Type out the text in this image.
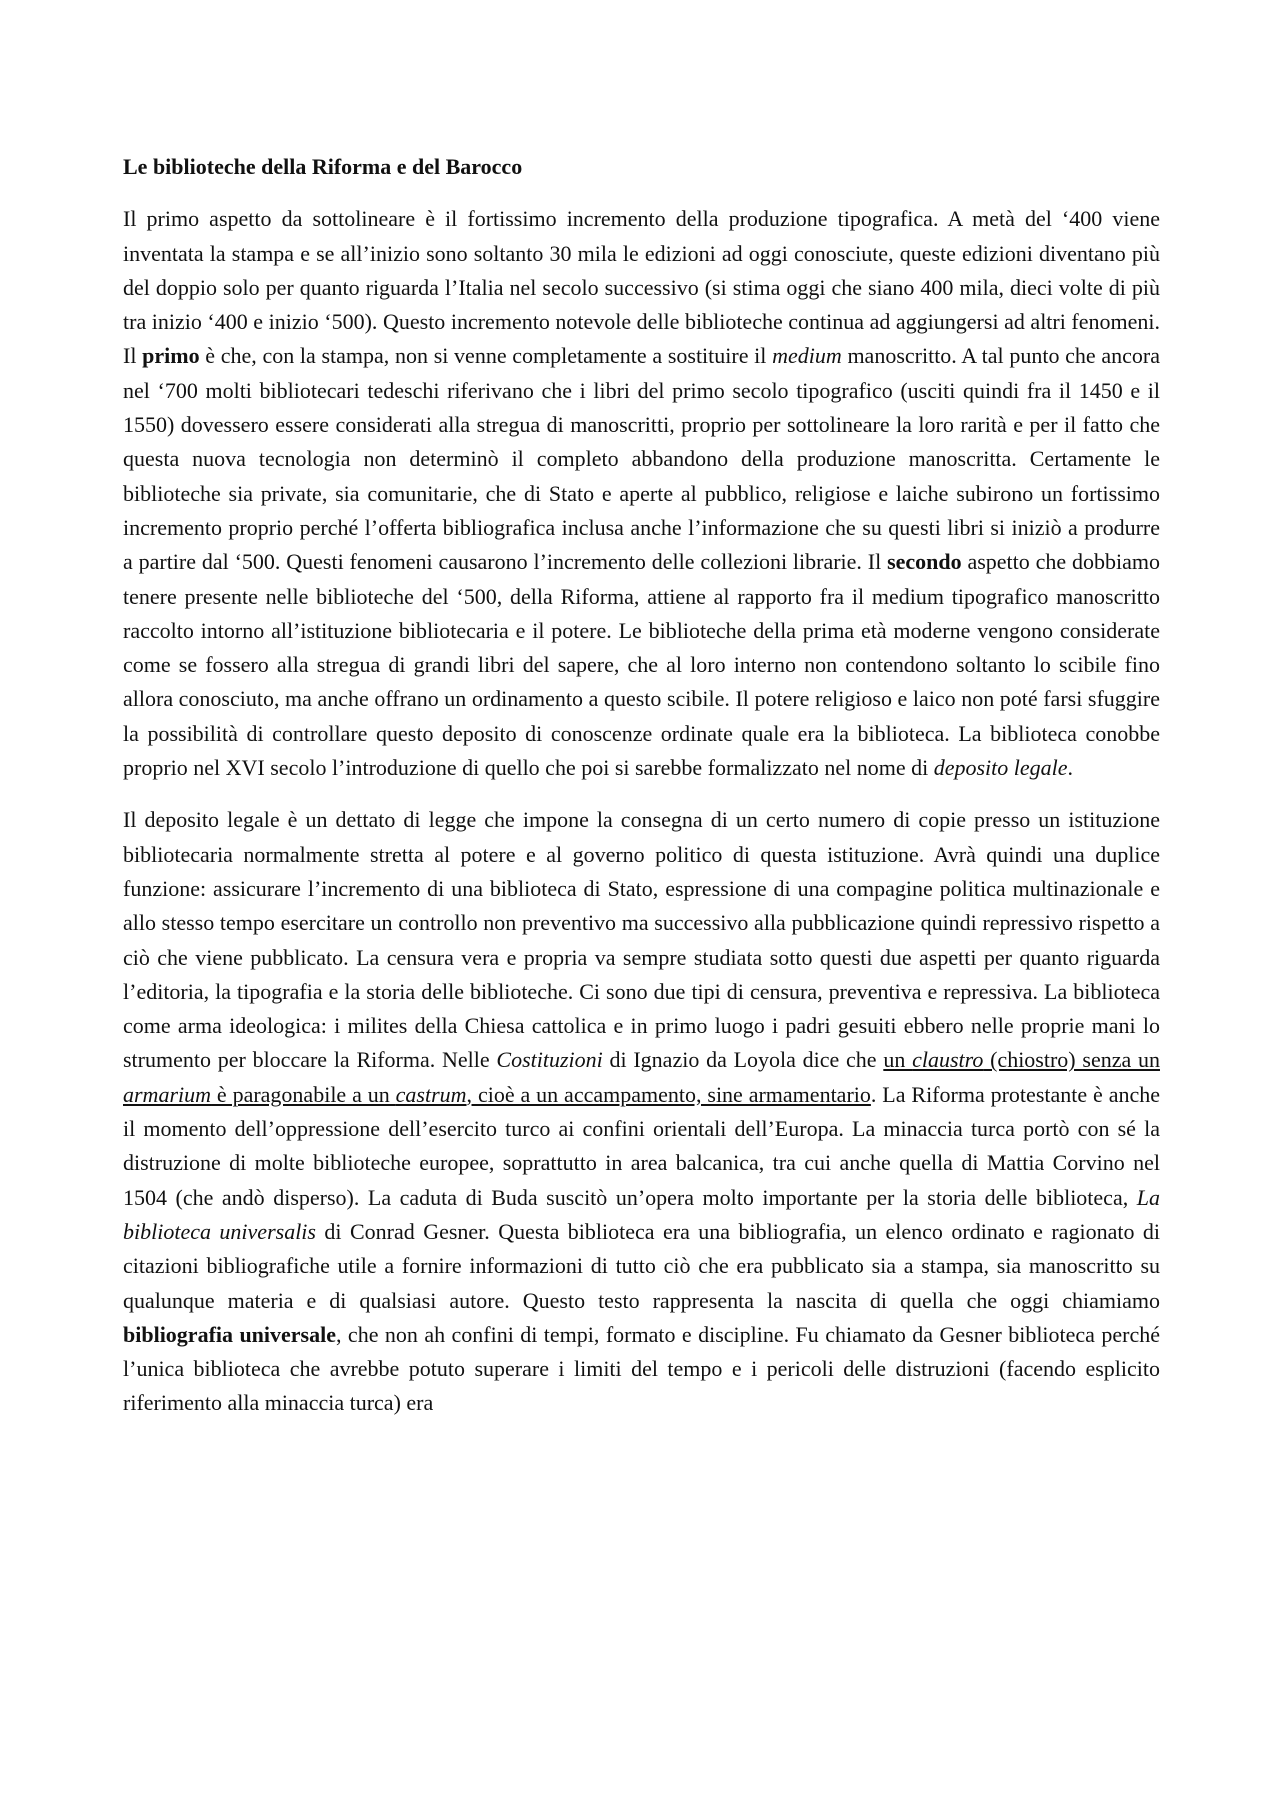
Le biblioteche della Riforma e del Barocco

Il primo aspetto da sottolineare è il fortissimo incremento della produzione tipografica. A metà del ‘400 viene inventata la stampa e se all’inizio sono soltanto 30 mila le edizioni ad oggi conosciute, queste edizioni diventano più del doppio solo per quanto riguarda l’Italia nel secolo successivo (si stima oggi che siano 400 mila, dieci volte di più tra inizio ‘400 e inizio ‘500). Questo incremento notevole delle biblioteche continua ad aggiungersi ad altri fenomeni. Il primo è che, con la stampa, non si venne completamente a sostituire il medium manoscritto. A tal punto che ancora nel ‘700 molti bibliotecari tedeschi riferivano che i libri del primo secolo tipografico (usciti quindi fra il 1450 e il 1550) dovessero essere considerati alla stregua di manoscritti, proprio per sottolineare la loro rarità e per il fatto che questa nuova tecnologia non determinò il completo abbandono della produzione manoscritta. Certamente le biblioteche sia private, sia comunitarie, che di Stato e aperte al pubblico, religiose e laiche subirono un fortissimo incremento proprio perché l’offerta bibliografica inclusa anche l’informazione che su questi libri si iniziò a produrre a partire dal ‘500. Questi fenomeni causarono l’incremento delle collezioni librarie. Il secondo aspetto che dobbiamo tenere presente nelle biblioteche del ‘500, della Riforma, attiene al rapporto fra il medium tipografico manoscritto raccolto intorno all’istituzione bibliotecaria e il potere. Le biblioteche della prima età moderne vengono considerate come se fossero alla stregua di grandi libri del sapere, che al loro interno non contendono soltanto lo scibile fino allora conosciuto, ma anche offrano un ordinamento a questo scibile. Il potere religioso e laico non poté farsi sfuggire la possibilità di controllare questo deposito di conoscenze ordinate quale era la biblioteca. La biblioteca conobbe proprio nel XVI secolo l’introduzione di quello che poi si sarebbe formalizzato nel nome di deposito legale.

Il deposito legale è un dettato di legge che impone la consegna di un certo numero di copie presso un istituzione bibliotecaria normalmente stretta al potere e al governo politico di questa istituzione. Avrà quindi una duplice funzione: assicurare l’incremento di una biblioteca di Stato, espressione di una compagine politica multinazionale e allo stesso tempo esercitare un controllo non preventivo ma successivo alla pubblicazione quindi repressivo rispetto a ciò che viene pubblicato. La censura vera e propria va sempre studiata sotto questi due aspetti per quanto riguarda l’editoria, la tipografia e la storia delle biblioteche. Ci sono due tipi di censura, preventiva e repressiva. La biblioteca come arma ideologica: i milites della Chiesa cattolica e in primo luogo i padri gesuiti ebbero nelle proprie mani lo strumento per bloccare la Riforma. Nelle Costituzioni di Ignazio da Loyola dice che un claustro (chiostro) senza un armarium è paragonabile a un castrum, cioè a un accampamento, sine armamentario. La Riforma protestante è anche il momento dell’oppressione dell’esercito turco ai confini orientali dell’Europa. La minaccia turca portò con sé la distruzione di molte biblioteche europee, soprattutto in area balcanica, tra cui anche quella di Mattia Corvino nel 1504 (che andò disperso). La caduta di Buda suscitò un’opera molto importante per la storia delle biblioteca, La biblioteca universalis di Conrad Gesner. Questa biblioteca era una bibliografia, un elenco ordinato e ragionato di citazioni bibliografiche utile a fornire informazioni di tutto ciò che era pubblicato sia a stampa, sia manoscritto su qualunque materia e di qualsiasi autore. Questo testo rappresenta la nascita di quella che oggi chiamiamo bibliografia universale, che non ah confini di tempi, formato e discipline. Fu chiamato da Gesner biblioteca perché l’unica biblioteca che avrebbe potuto superare i limiti del tempo e i pericoli delle distruzioni (facendo esplicito riferimento alla minaccia turca) era
